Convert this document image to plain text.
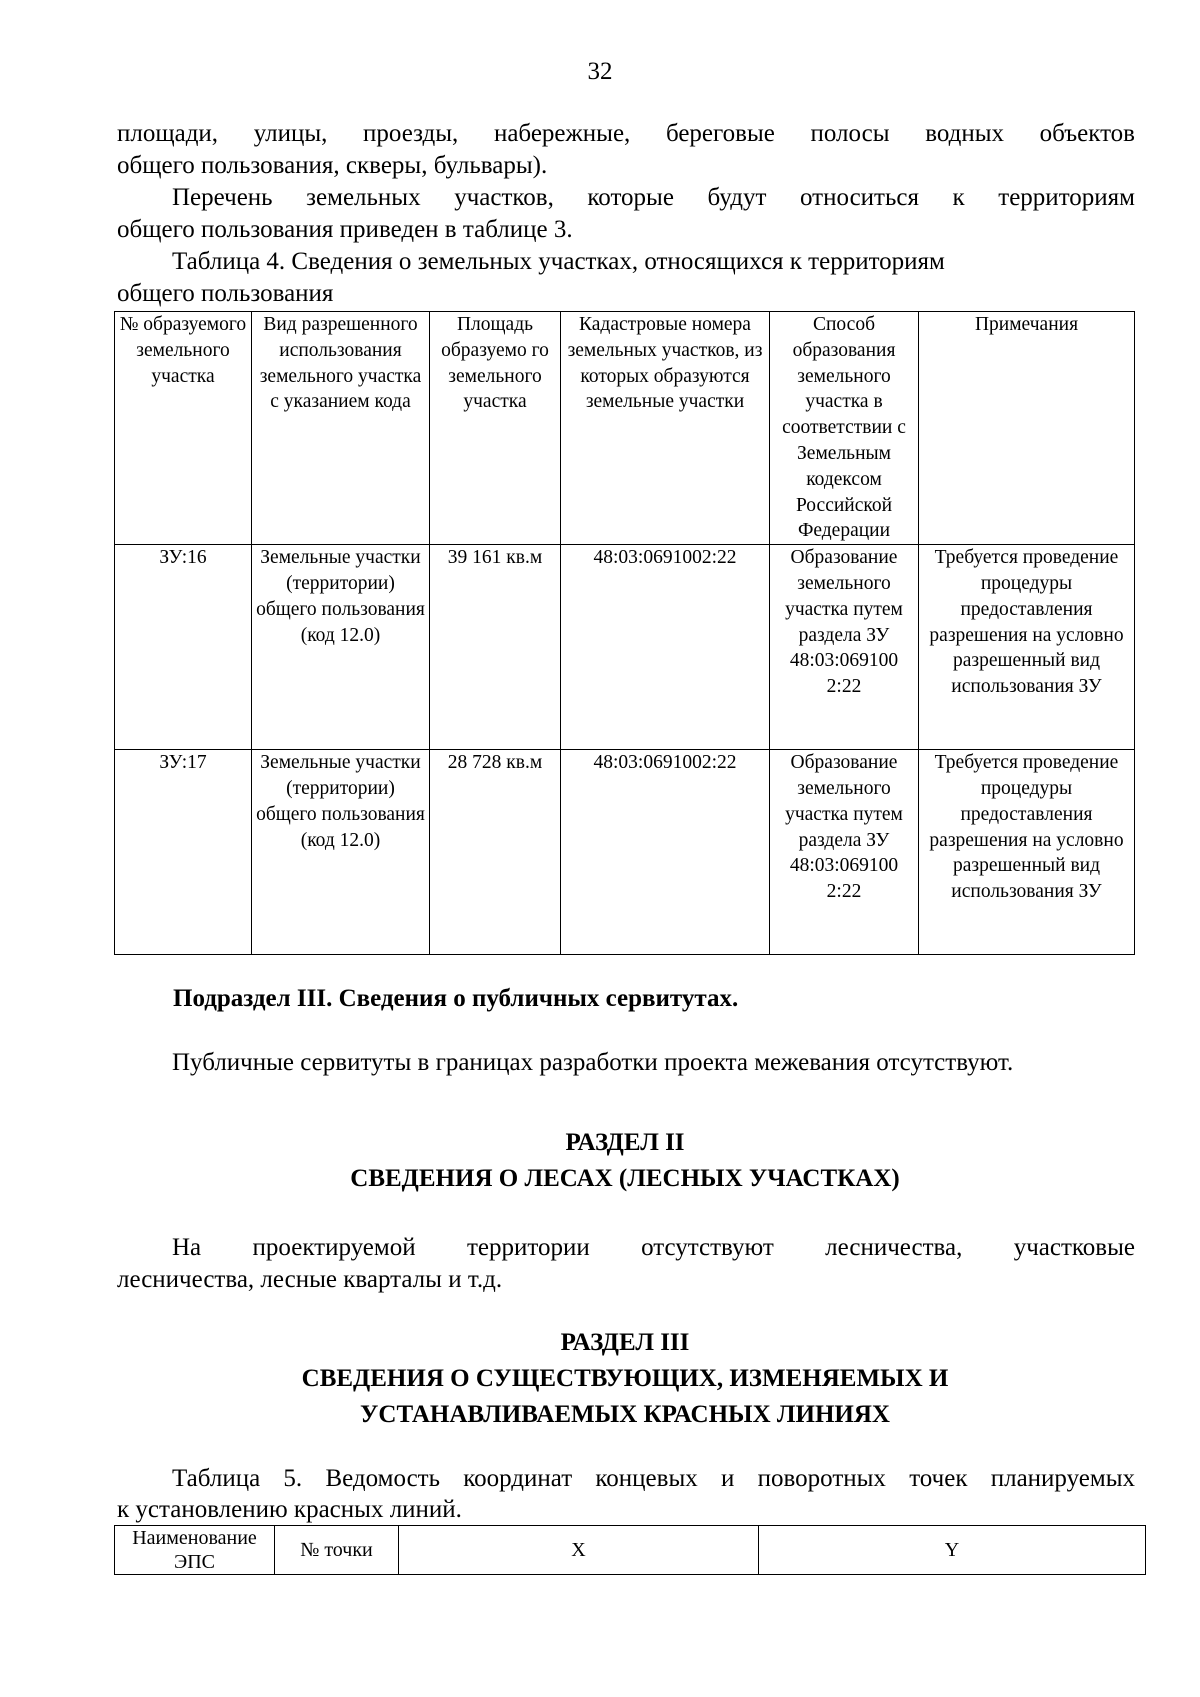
32

площади, улицы, проезды, набережные, береговые полосы водных объектов

общего пользования, скверы, бульвары).

Перечень земельных участков, которые будут относиться к территориям

общего пользования приведен в таблице 3.

Таблица 4. Сведения о земельных участках, относящихся к территориям

общего пользования

№ образуемого земельного участка	Вид разрешенного использования земельного участка с указанием кода	Площадь образуемо го земельного участка	Кадастровые номера земельных участков, из которых образуются земельные участки	Способ образования земельного участка в соответствии с Земельным кодексом Российской Федерации	Примечания
ЗУ:16	Земельные участки (территории) общего пользования (код 12.0)	39 161 кв.м	48:03:0691002:22	Образование земельного участка путем раздела ЗУ 48:03:069100 2:22	Требуется проведение процедуры предоставления разрешения на условно разрешенный вид использования ЗУ
ЗУ:17	Земельные участки (территории) общего пользования (код 12.0)	28 728 кв.м	48:03:0691002:22	Образование земельного участка путем раздела ЗУ 48:03:069100 2:22	Требуется проведение процедуры предоставления разрешения на условно разрешенный вид использования ЗУ
Подраздел III. Сведения о публичных сервитутах.

Публичные сервитуты в границах разработки проекта межевания отсутствуют.

РАЗДЕЛ II
СВЕДЕНИЯ О ЛЕСАХ (ЛЕСНЫХ УЧАСТКАХ)

На проектируемой территории отсутствуют лесничества, участковые

лесничества, лесные кварталы и т.д.

РАЗДЕЛ III
СВЕДЕНИЯ О СУЩЕСТВУЮЩИХ, ИЗМЕНЯЕМЫХ И
УСТАНАВЛИВАЕМЫХ КРАСНЫХ ЛИНИЯХ

Таблица 5. Ведомость координат концевых и поворотных точек планируемых

к установлению красных линий.

Наименование ЭПС	№ точки	X	Y
